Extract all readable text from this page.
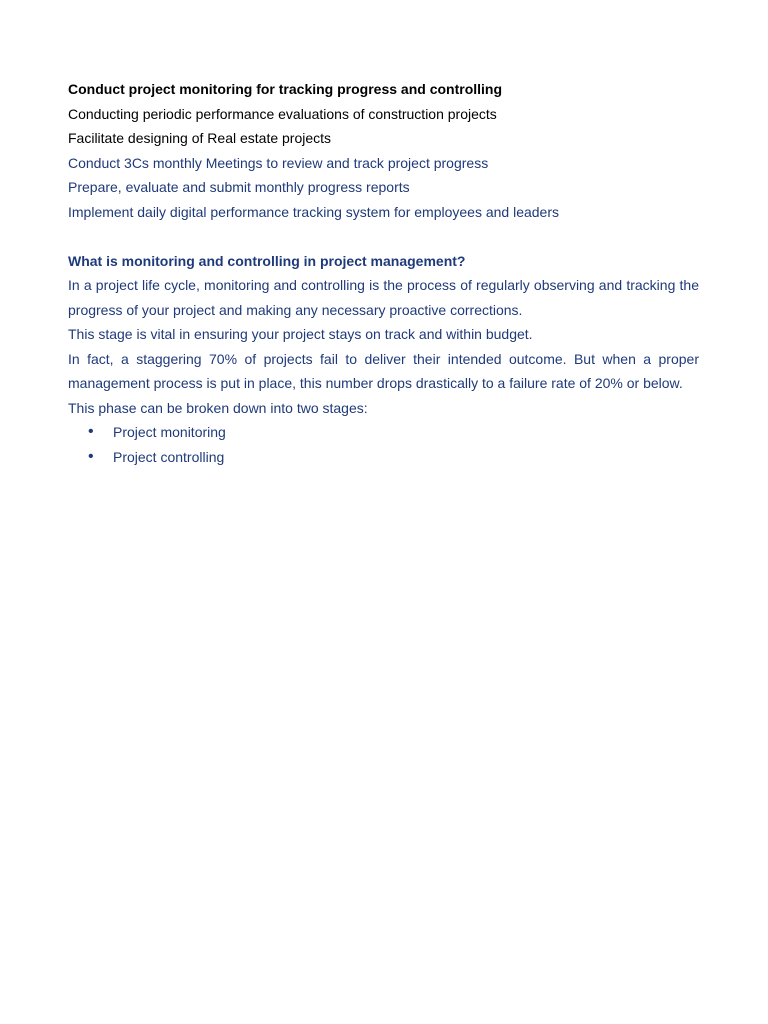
Conduct project monitoring for tracking progress and controlling

Conducting periodic performance evaluations of construction projects

Facilitate designing of Real estate projects

Conduct 3Cs monthly Meetings to review and track project progress

Prepare, evaluate and submit monthly progress reports

Implement daily digital performance tracking system for employees and leaders

What is monitoring and controlling in project management?

In a project life cycle, monitoring and controlling is the process of regularly observing and tracking the progress of your project and making any necessary proactive corrections.

This stage is vital in ensuring your project stays on track and within budget.

In fact, a staggering 70% of projects fail to deliver their intended outcome. But when a proper management process is put in place, this number drops drastically to a failure rate of 20% or below.

This phase can be broken down into two stages:

• Project monitoring
• Project controlling
